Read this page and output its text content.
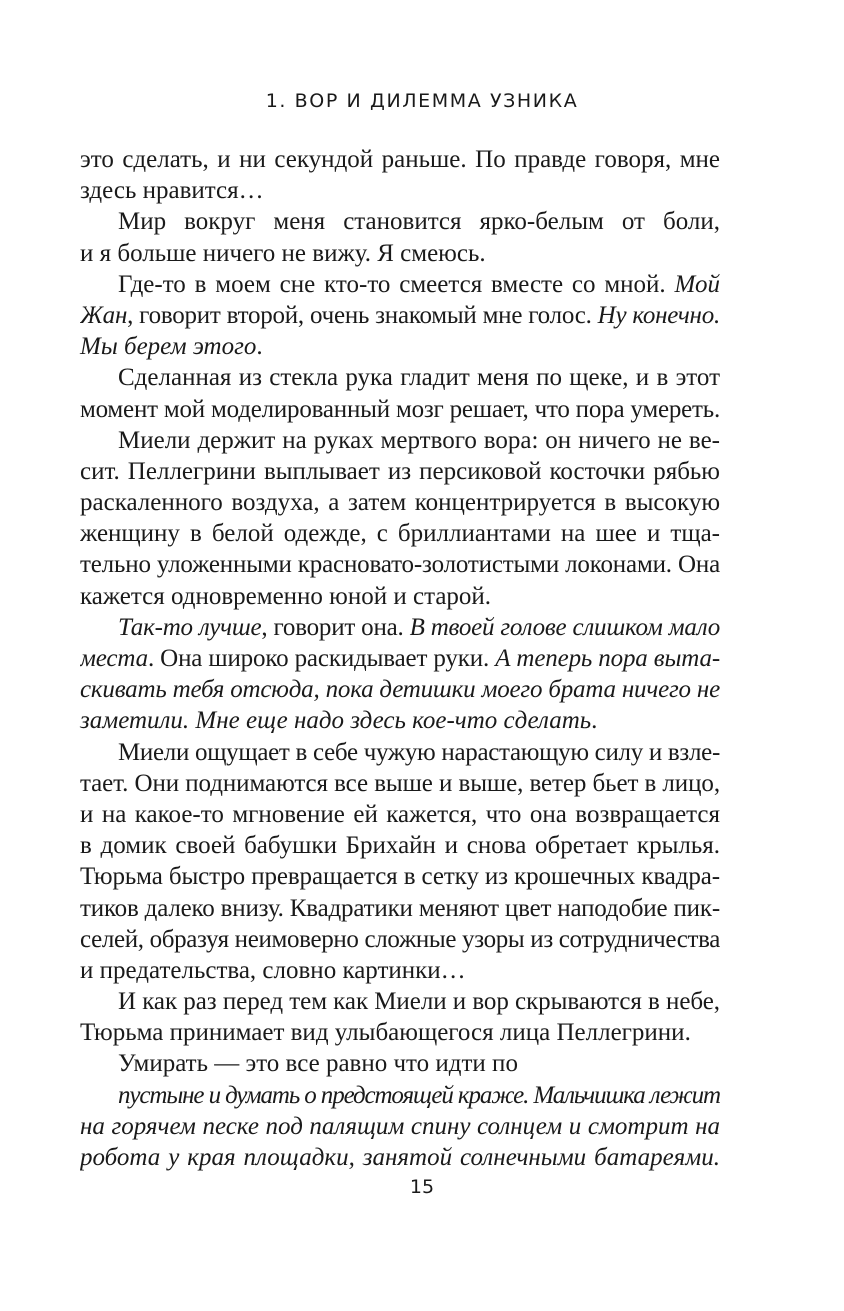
1. ВОР И ДИЛЕММА УЗНИКА
это сделать, и ни секундой раньше. По правде говоря, мне
здесь нравится…
Мир вокруг меня становится ярко-белым от боли,
и я больше ничего не вижу. Я смеюсь.
Где-то в моем сне кто-то смеется вместе со мной. Мой
Жан, говорит второй, очень знакомый мне голос. Ну конечно.
Мы берем этого.
Сделанная из стекла рука гладит меня по щеке, и в этот
момент мой моделированный мозг решает, что пора умереть.
Миели держит на руках мертвого вора: он ничего не ве-
сит. Пеллегрини выплывает из персиковой косточки рябью
раскаленного воздуха, а затем концентрируется в высокую
женщину в белой одежде, с бриллиантами на шее и тща-
тельно уложенными красновато-золотистыми локонами. Она
кажется одновременно юной и старой.
Так-то лучше, говорит она. В твоей голове слишком мало
места. Она широко раскидывает руки. А теперь пора выта-
скивать тебя отсюда, пока детишки моего брата ничего не
заметили. Мне еще надо здесь кое-что сделать.
Миели ощущает в себе чужую нарастающую силу и взле-
тает. Они поднимаются все выше и выше, ветер бьет в лицо,
и на какое-то мгновение ей кажется, что она возвращается
в домик своей бабушки Брихайн и снова обретает крылья.
Тюрьма быстро превращается в сетку из крошечных квадра-
тиков далеко внизу. Квадратики меняют цвет наподобие пик-
селей, образуя неимоверно сложные узоры из сотрудничества
и предательства, словно картинки…
И как раз перед тем как Миели и вор скрываются в небе,
Тюрьма принимает вид улыбающегося лица Пеллегрини.
Умирать — это все равно что идти по
пустыне и думать о предстоящей краже. Мальчишка лежит
на горячем песке под палящим спину солнцем и смотрит на
робота у края площадки, занятой солнечными батареями.
15
